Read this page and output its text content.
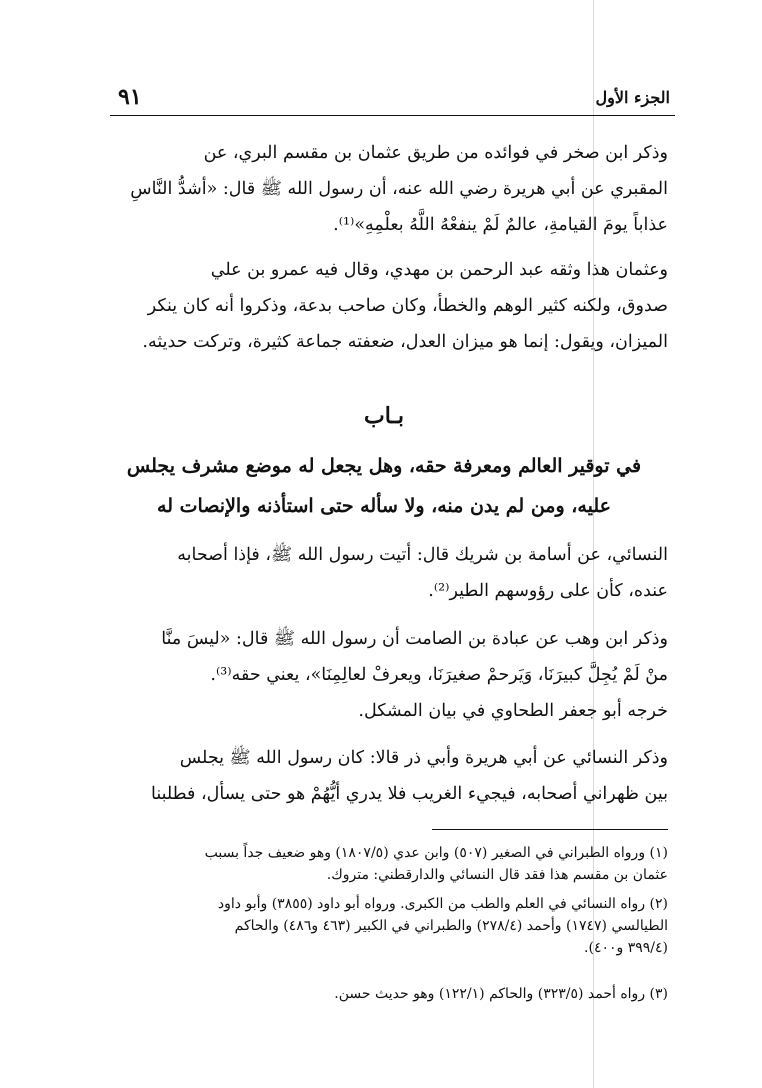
الجزء الأول
٩١
وذكر ابن صخر في فوائده من طريق عثمان بن مقسم البري، عن
المقبري عن أبي هريرة رضي الله عنه، أن رسول الله ﷺ قال: «أشدُّ النَّاسِ
عذاباً يومَ القيامةِ، عالمٌ لَمْ ينفعْهُ اللَّهُ بعلْمِهِ»⁽¹⁾.
وعثمان هذا وثقه عبد الرحمن بن مهدي، وقال فيه عمرو بن علي
صدوق، ولكنه كثير الوهم والخطأ، وكان صاحب بدعة، وذكروا أنه كان ينكر
الميزان، ويقول: إنما هو ميزان العدل، ضعفته جماعة كثيرة، وتركت حديثه.
بـاب
في توقير العالم ومعرفة حقه، وهل يجعل له موضع مشرف يجلس
عليه، ومن لم يدن منه، ولا سأله حتى استأذنه والإنصات له
النسائي، عن أسامة بن شريك قال: أتيت رسول الله ﷺ، فإذا أصحابه
عنده، كأن على رؤوسهم الطير⁽²⁾.
وذكر ابن وهب عن عبادة بن الصامت أن رسول الله ﷺ قال: «ليسَ منَّا
منْ لَمْ يُجِلَّ كبيرَنَا، وَيَرحمْ صغيرَنَا، ويعرفْ لعالِمِنَا»، يعني حقه⁽³⁾.
خرجه أبو جعفر الطحاوي في بيان المشكل.
وذكر النسائي عن أبي هريرة وأبي ذر قالا: كان رسول الله ﷺ يجلس
بين ظهراني أصحابه، فيجيء الغريب فلا يدري أيُّهُمْ هو حتى يسأل، فطلبنا
(١) ورواه الطبراني في الصغير (٥٠٧) وابن عدي (١٨٠٧/٥) وهو ضعيف جداً بسبب
عثمان بن مقسم هذا فقد قال النسائي والدارقطني: متروك.
(٢) رواه النسائي في العلم والطب من الكبرى. ورواه أبو داود (٣٨٥٥) وأبو داود
الطيالسي (١٧٤٧) وأحمد (٢٧٨/٤) والطبراني في الكبير (٤٦٣ و٤٨٦) والحاكم
(٣٩٩/٤ و٤٠٠).
(٣) رواه أحمد (٣٢٣/٥) والحاكم (١٢٢/١) وهو حديث حسن.
